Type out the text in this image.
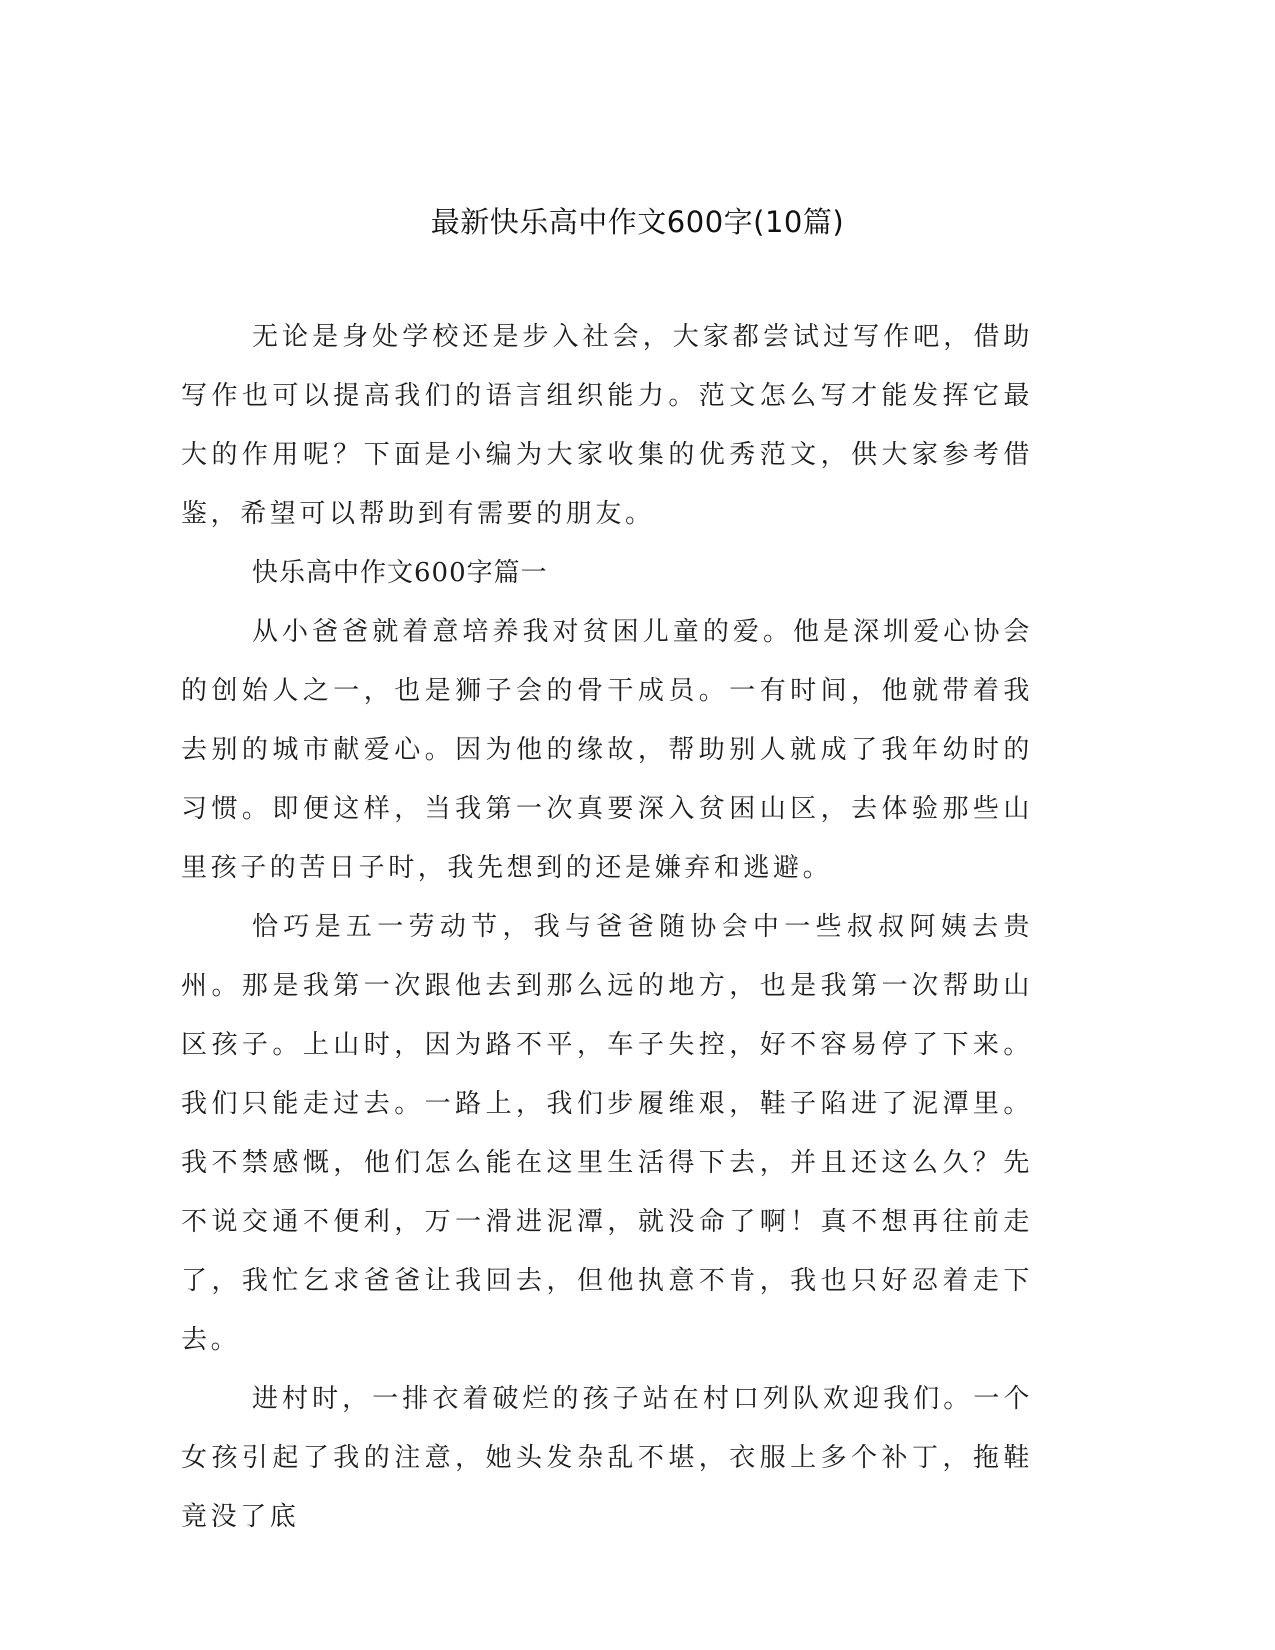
最新快乐高中作文600字(10篇)

无论是身处学校还是步入社会，大家都尝试过写作吧，借助写作也可以提高我们的语言组织能力。范文怎么写才能发挥它最大的作用呢？下面是小编为大家收集的优秀范文，供大家参考借鉴，希望可以帮助到有需要的朋友。

快乐高中作文600字篇一

从小爸爸就着意培养我对贫困儿童的爱。他是深圳爱心协会的创始人之一，也是狮子会的骨干成员。一有时间，他就带着我去别的城市献爱心。因为他的缘故，帮助别人就成了我年幼时的习惯。即便这样，当我第一次真要深入贫困山区，去体验那些山里孩子的苦日子时，我先想到的还是嫌弃和逃避。

恰巧是五一劳动节，我与爸爸随协会中一些叔叔阿姨去贵州。那是我第一次跟他去到那么远的地方，也是我第一次帮助山区孩子。上山时，因为路不平，车子失控，好不容易停了下来。我们只能走过去。一路上，我们步履维艰，鞋子陷进了泥潭里。我不禁感慨，他们怎么能在这里生活得下去，并且还这么久？先不说交通不便利，万一滑进泥潭，就没命了啊！真不想再往前走了，我忙乞求爸爸让我回去，但他执意不肯，我也只好忍着走下去。

进村时，一排衣着破烂的孩子站在村口列队欢迎我们。一个女孩引起了我的注意，她头发杂乱不堪，衣服上多个补丁，拖鞋竟没了底
